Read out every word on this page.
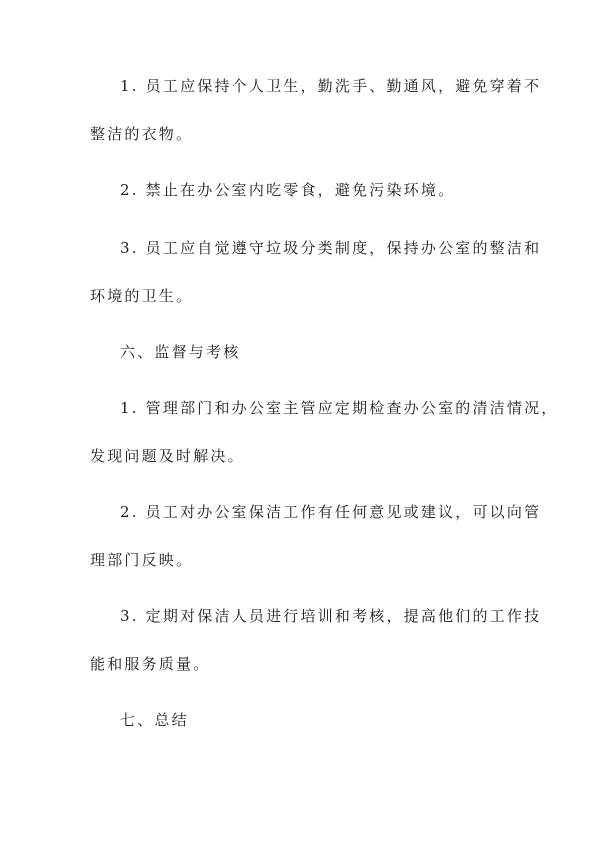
1. 员工应保持个人卫生，勤洗手、勤通风，避免穿着不
整洁的衣物。
2. 禁止在办公室内吃零食，避免污染环境。
3. 员工应自觉遵守垃圾分类制度，保持办公室的整洁和
环境的卫生。
六、监督与考核
1. 管理部门和办公室主管应定期检查办公室的清洁情况，
发现问题及时解决。
2. 员工对办公室保洁工作有任何意见或建议，可以向管
理部门反映。
3. 定期对保洁人员进行培训和考核，提高他们的工作技
能和服务质量。
七、总结
